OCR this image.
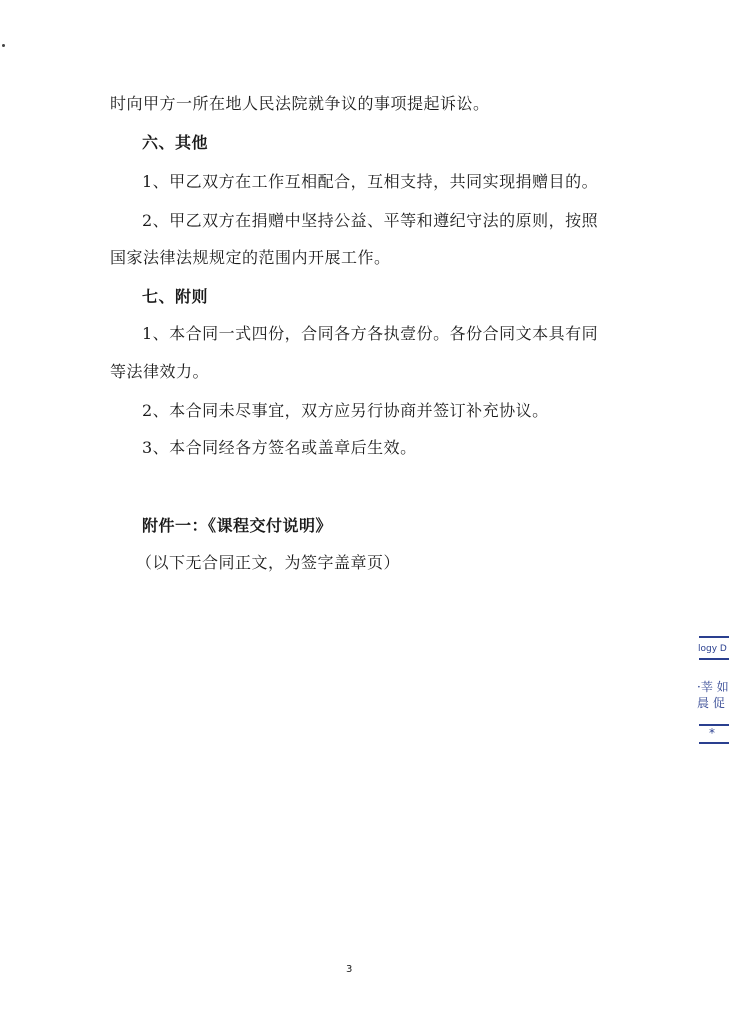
时向甲方一所在地人民法院就争议的事项提起诉讼。
六、其他
1、甲乙双方在工作互相配合，互相支持，共同实现捐赠目的。
2、甲乙双方在捐赠中坚持公益、平等和遵纪守法的原则，按照
国家法律法规规定的范围内开展工作。
七、附则
1、本合同一式四份，合同各方各执壹份。各份合同文本具有同
等法律效力。
2、本合同未尽事宜，双方应另行协商并签订补充协议。
3、本合同经各方签名或盖章后生效。
附件一：《课程交付说明》
（以下无合同正文，为签字盖章页）
3
logy D
·莘 如
晨 促
*
